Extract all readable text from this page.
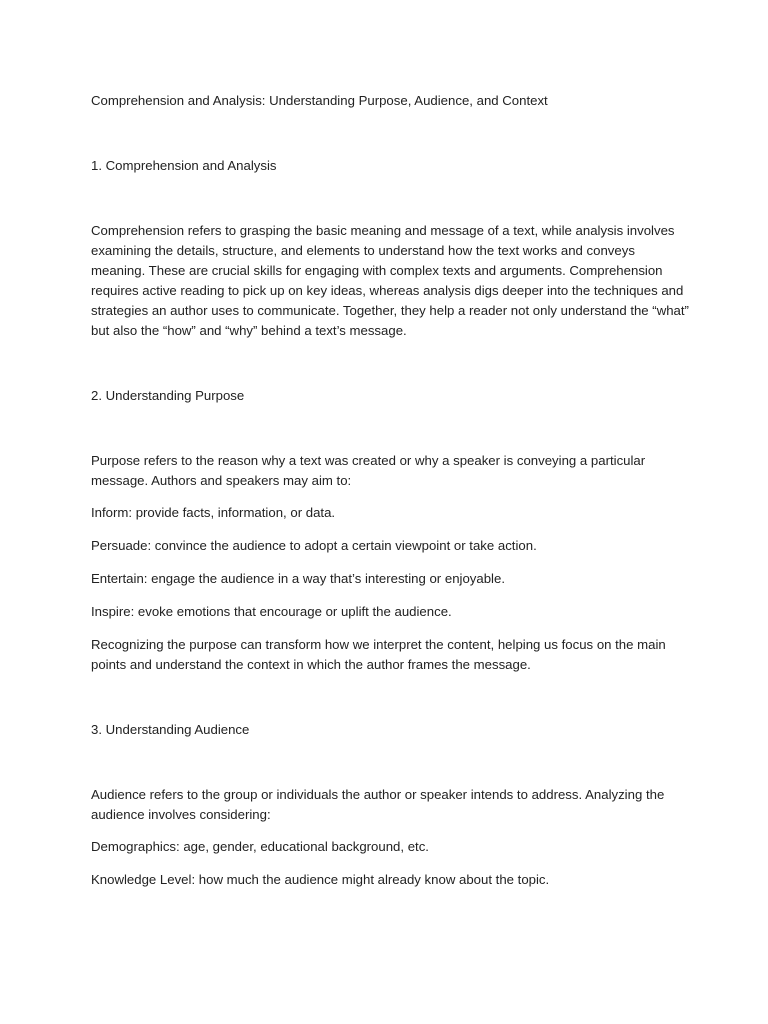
Comprehension and Analysis: Understanding Purpose, Audience, and Context

1. Comprehension and Analysis

Comprehension refers to grasping the basic meaning and message of a text, while analysis involves examining the details, structure, and elements to understand how the text works and conveys meaning. These are crucial skills for engaging with complex texts and arguments. Comprehension requires active reading to pick up on key ideas, whereas analysis digs deeper into the techniques and strategies an author uses to communicate. Together, they help a reader not only understand the “what” but also the “how” and “why” behind a text’s message.

2. Understanding Purpose

Purpose refers to the reason why a text was created or why a speaker is conveying a particular message. Authors and speakers may aim to:

Inform: provide facts, information, or data.

Persuade: convince the audience to adopt a certain viewpoint or take action.

Entertain: engage the audience in a way that’s interesting or enjoyable.

Inspire: evoke emotions that encourage or uplift the audience.

Recognizing the purpose can transform how we interpret the content, helping us focus on the main points and understand the context in which the author frames the message.

3. Understanding Audience

Audience refers to the group or individuals the author or speaker intends to address. Analyzing the audience involves considering:

Demographics: age, gender, educational background, etc.

Knowledge Level: how much the audience might already know about the topic.
